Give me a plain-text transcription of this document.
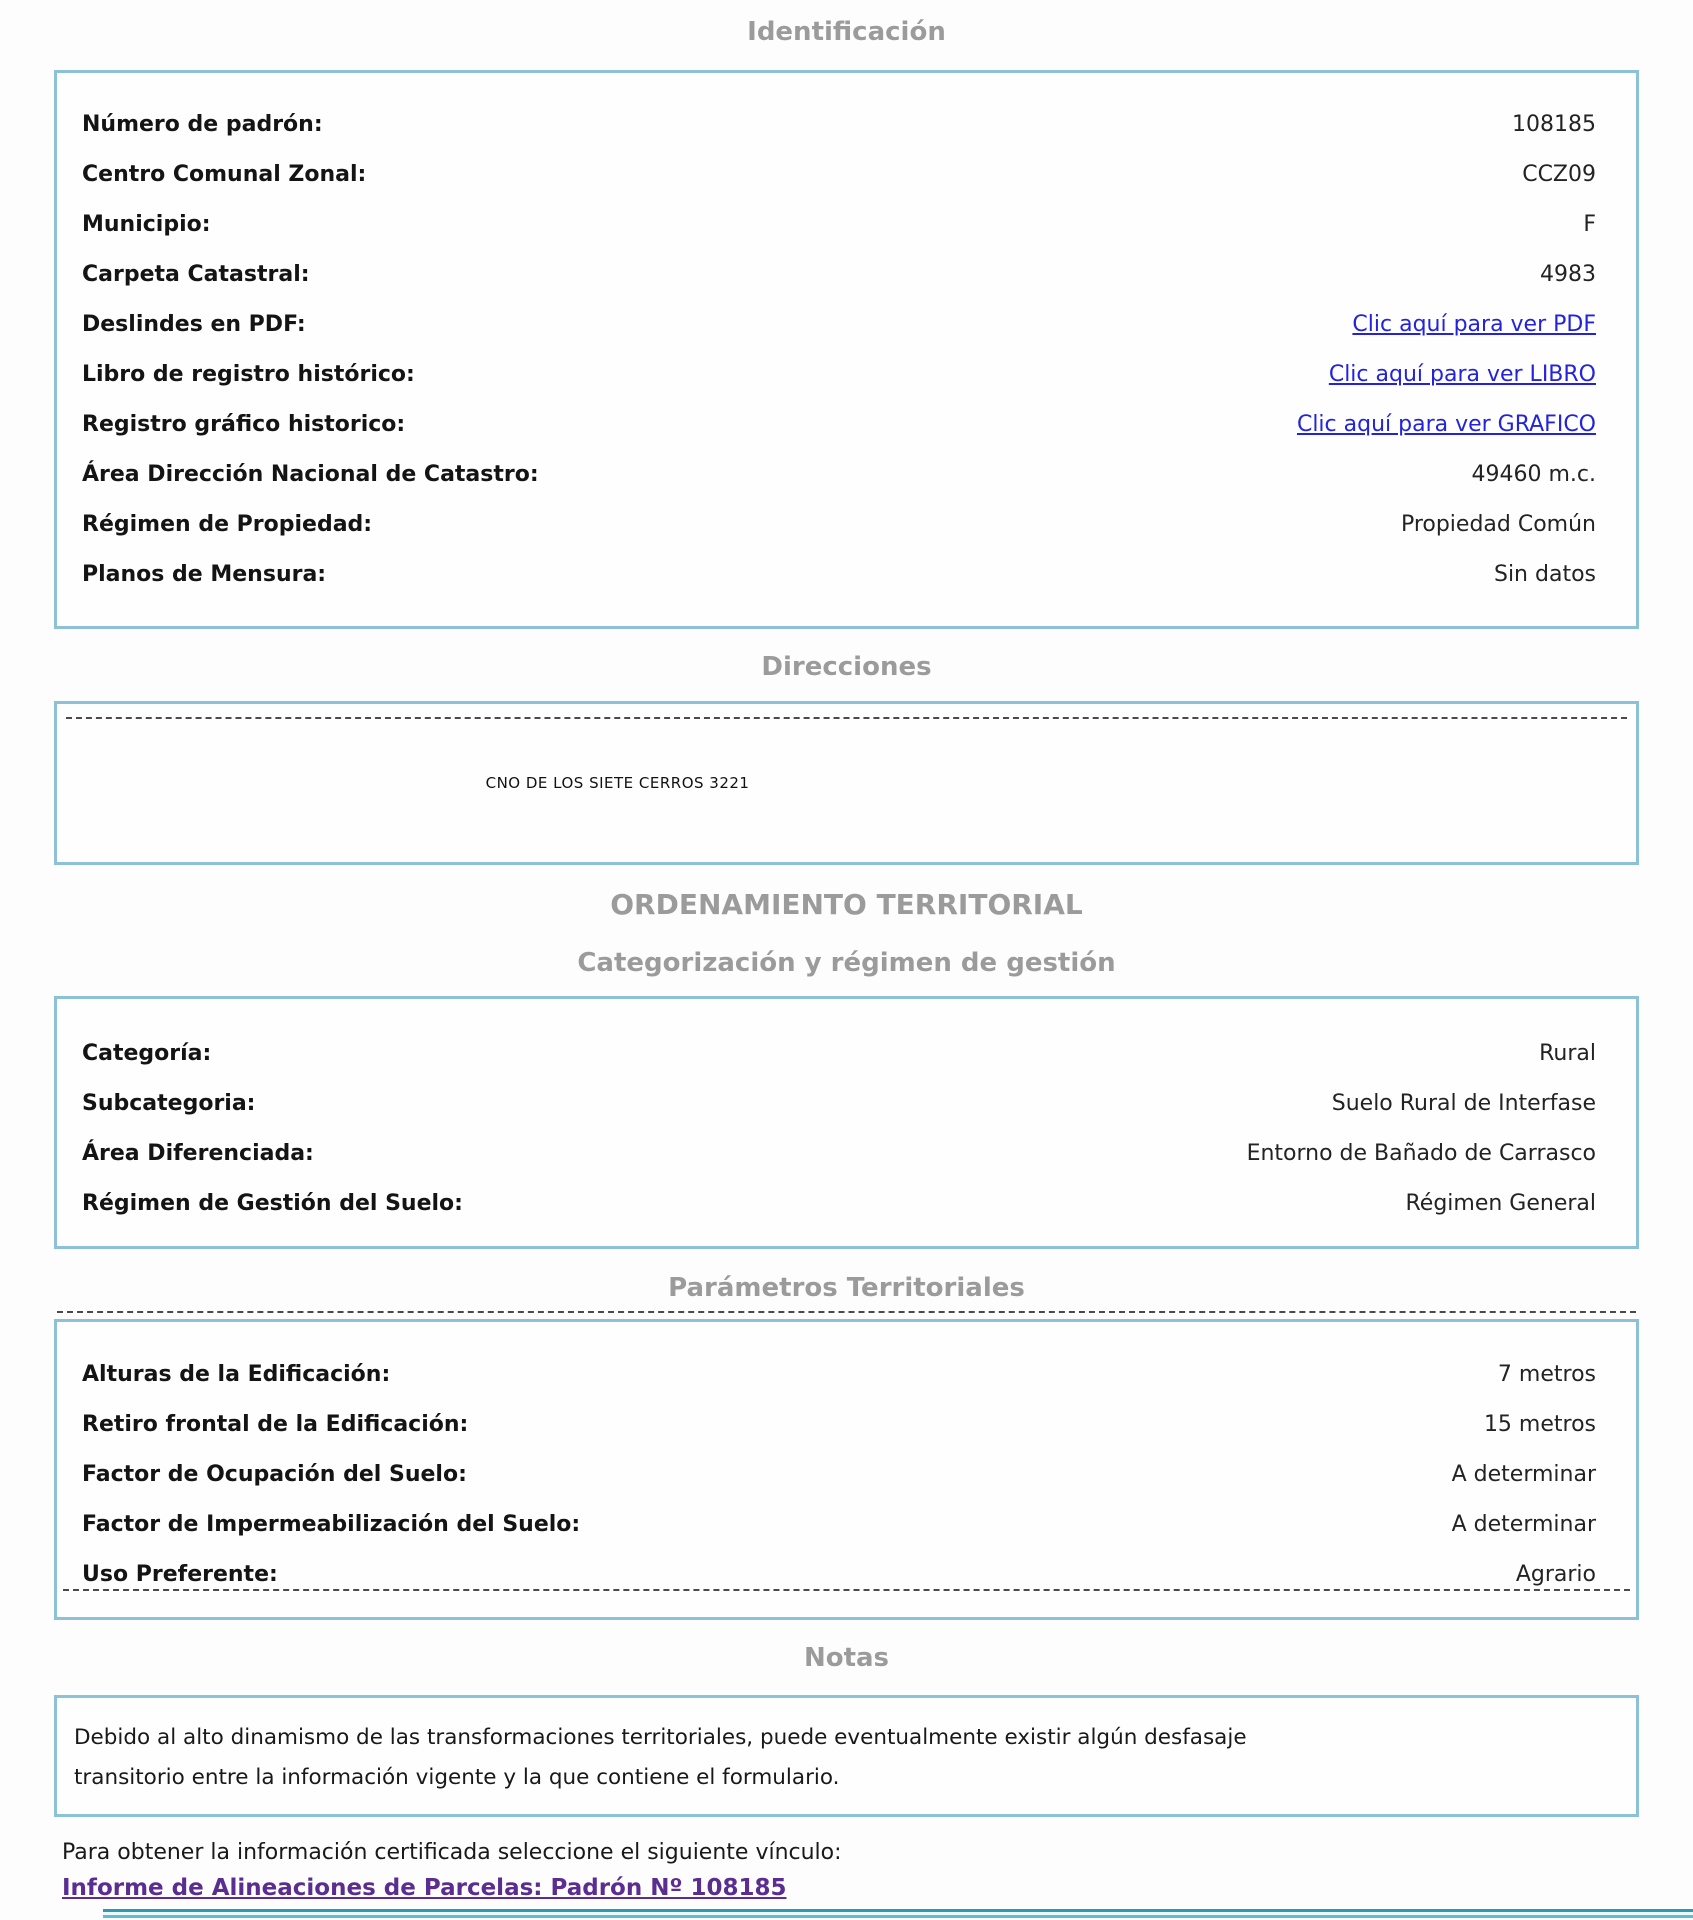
Identificación
Número de padrón:	108185
Centro Comunal Zonal:	CCZ09
Municipio:	F
Carpeta Catastral:	4983
Deslindes en PDF:	Clic aquí para ver PDF
Libro de registro histórico:	Clic aquí para ver LIBRO
Registro gráfico historico:	Clic aquí para ver GRAFICO
Área Dirección Nacional de Catastro:	49460 m.c.
Régimen de Propiedad:	Propiedad Común
Planos de Mensura:	Sin datos
Direcciones
CNO DE LOS SIETE CERROS 3221
ORDENAMIENTO TERRITORIAL
Categorización y régimen de gestión
Categoría:	Rural
Subcategoria:	Suelo Rural de Interfase
Área Diferenciada:	Entorno de Bañado de Carrasco
Régimen de Gestión del Suelo:	Régimen General
Parámetros Territoriales
Alturas de la Edificación:	7 metros
Retiro frontal de la Edificación:	15 metros
Factor de Ocupación del Suelo:	A determinar
Factor de Impermeabilización del Suelo:	A determinar
Uso Preferente:	Agrario
Notas

Debido al alto dinamismo de las transformaciones territoriales, puede eventualmente existir algún desfasaje transitorio entre la información vigente y la que contiene el formulario.

Para obtener la información certificada seleccione el siguiente vínculo:
Informe de Alineaciones de Parcelas: Padrón Nº 108185
